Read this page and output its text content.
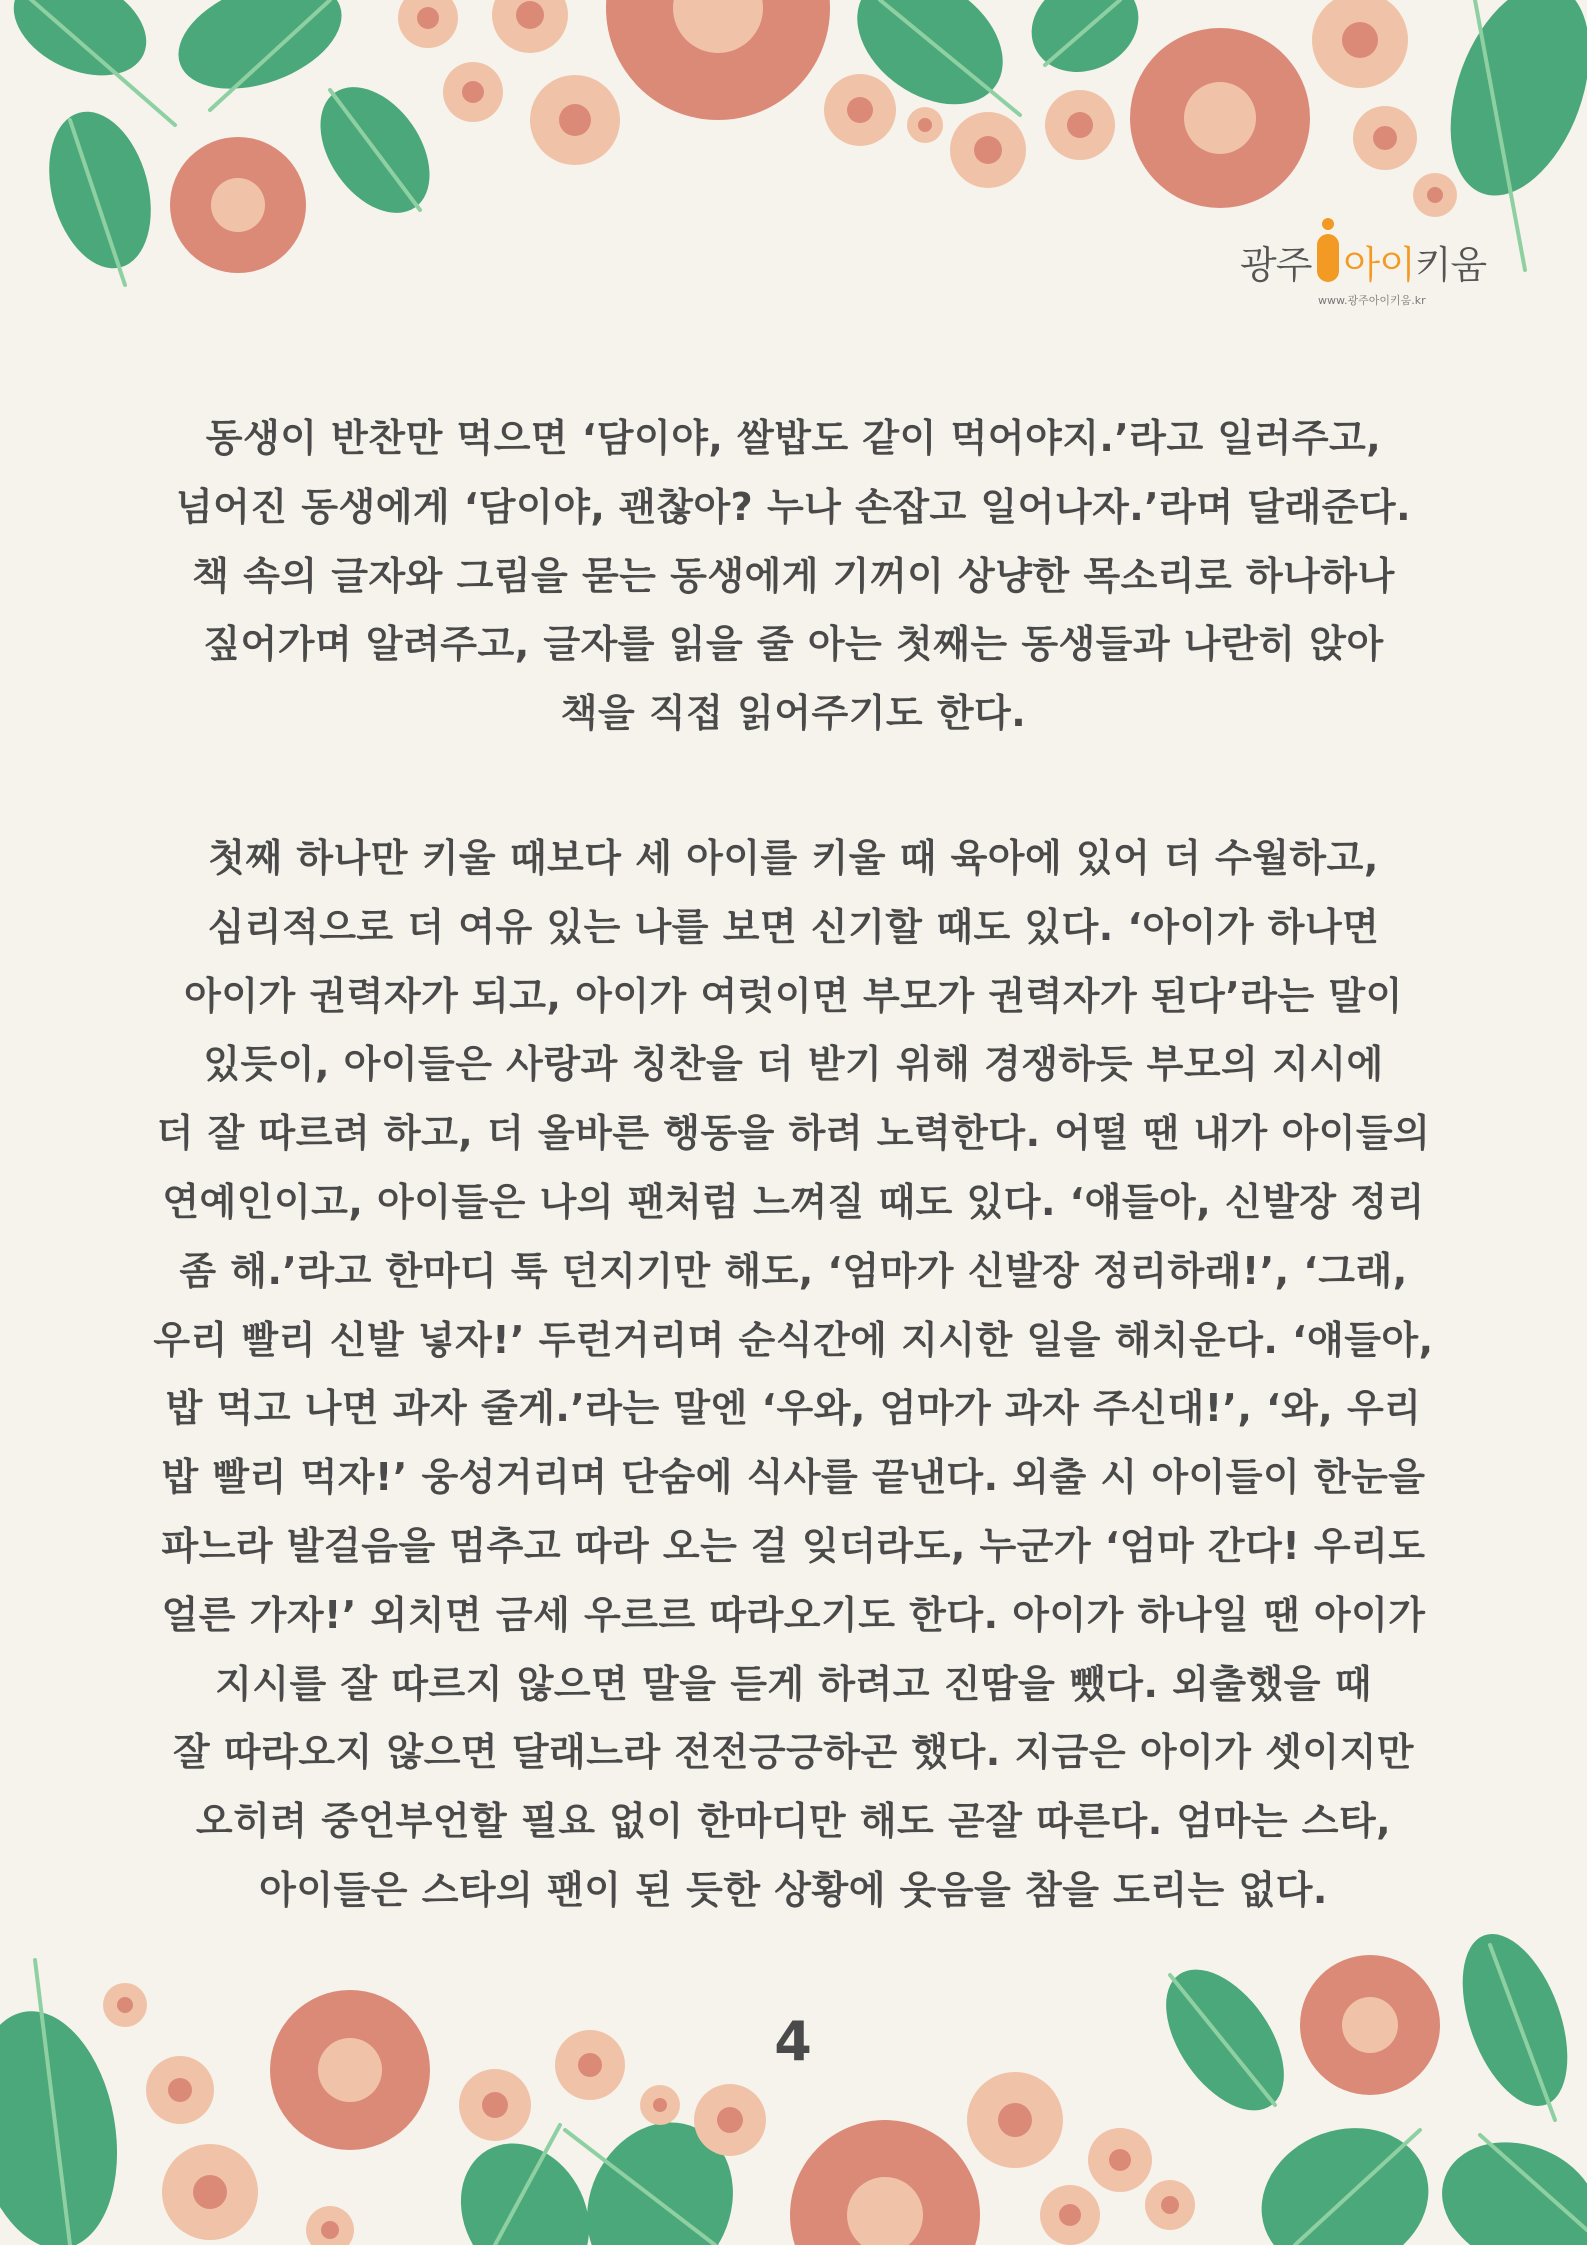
광주 아이 키움
www.광주아이키움.kr
동생이 반찬만 먹으면 ‘담이야, 쌀밥도 같이 먹어야지.’라고 일러주고,
넘어진 동생에게 ‘담이야, 괜찮아? 누나 손잡고 일어나자.’라며 달래준다.
책 속의 글자와 그림을 묻는 동생에게 기꺼이 상냥한 목소리로 하나하나
짚어가며 알려주고, 글자를 읽을 줄 아는 첫째는 동생들과 나란히 앉아
책을 직접 읽어주기도 한다.
첫째 하나만 키울 때보다 세 아이를 키울 때 육아에 있어 더 수월하고,
심리적으로 더 여유 있는 나를 보면 신기할 때도 있다. ‘아이가 하나면
아이가 권력자가 되고, 아이가 여럿이면 부모가 권력자가 된다’라는 말이
있듯이, 아이들은 사랑과 칭찬을 더 받기 위해 경쟁하듯 부모의 지시에
더 잘 따르려 하고, 더 올바른 행동을 하려 노력한다. 어떨 땐 내가 아이들의
연예인이고, 아이들은 나의 팬처럼 느껴질 때도 있다. ‘얘들아, 신발장 정리
좀 해.’라고 한마디 툭 던지기만 해도, ‘엄마가 신발장 정리하래!’, ‘그래,
우리 빨리 신발 넣자!’ 두런거리며 순식간에 지시한 일을 해치운다. ‘얘들아,
밥 먹고 나면 과자 줄게.’라는 말엔 ‘우와, 엄마가 과자 주신대!’, ‘와, 우리
밥 빨리 먹자!’ 웅성거리며 단숨에 식사를 끝낸다. 외출 시 아이들이 한눈을
파느라 발걸음을 멈추고 따라 오는 걸 잊더라도, 누군가 ‘엄마 간다! 우리도
얼른 가자!’ 외치면 금세 우르르 따라오기도 한다. 아이가 하나일 땐 아이가
지시를 잘 따르지 않으면 말을 듣게 하려고 진땀을 뺐다. 외출했을 때
잘 따라오지 않으면 달래느라 전전긍긍하곤 했다. 지금은 아이가 셋이지만
오히려 중언부언할 필요 없이 한마디만 해도 곧잘 따른다. 엄마는 스타,
아이들은 스타의 팬이 된 듯한 상황에 웃음을 참을 도리는 없다.
4
